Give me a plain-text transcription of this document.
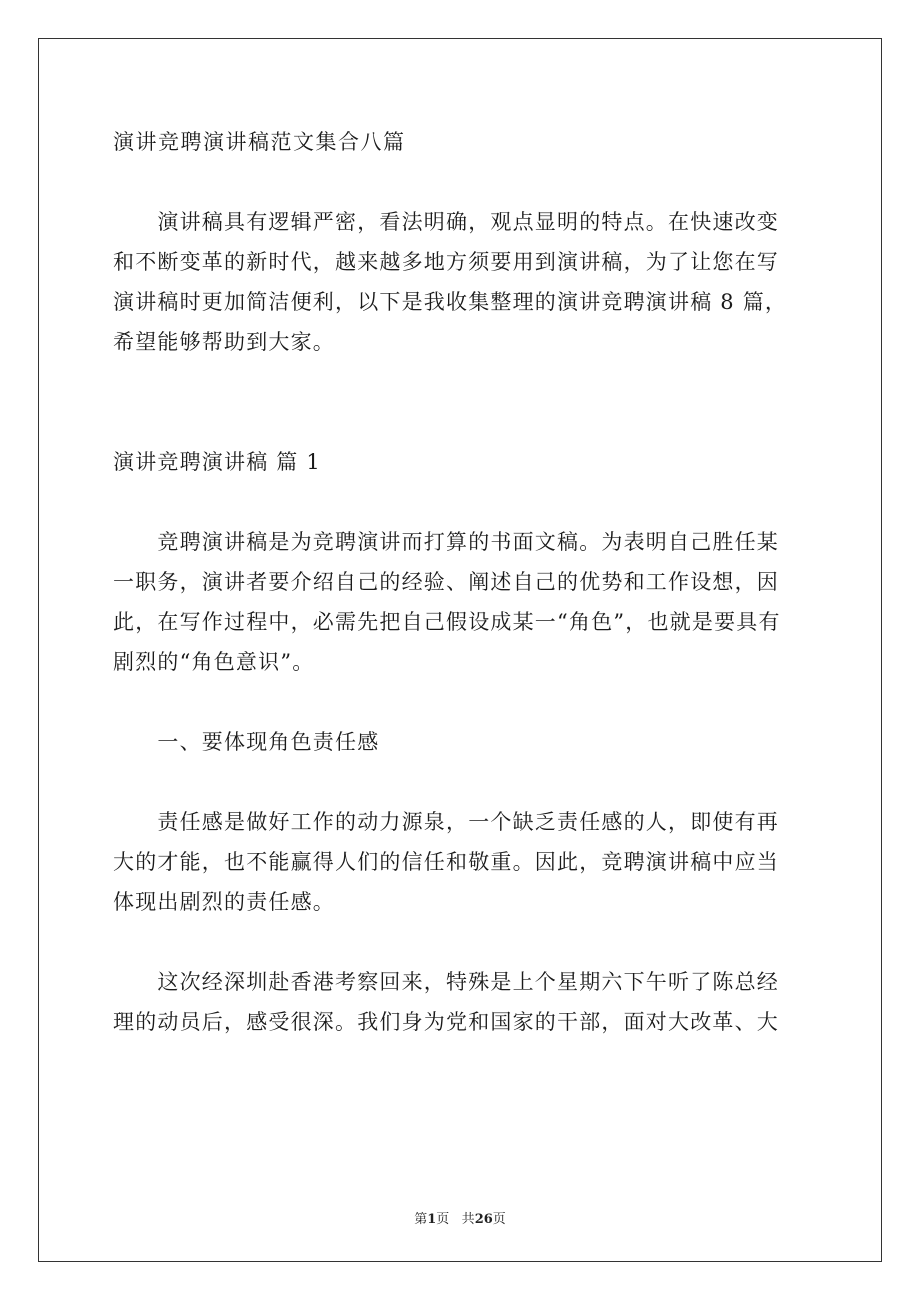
演讲竞聘演讲稿范文集合八篇
　　演讲稿具有逻辑严密，看法明确，观点显明的特点。在快速改变
和不断变革的新时代，越来越多地方须要用到演讲稿，为了让您在写
演讲稿时更加简洁便利，以下是我收集整理的演讲竞聘演讲稿 8 篇，
希望能够帮助到大家。
演讲竞聘演讲稿 篇 1
　　竞聘演讲稿是为竞聘演讲而打算的书面文稿。为表明自己胜任某
一职务，演讲者要介绍自己的经验、阐述自己的优势和工作设想，因
此，在写作过程中，必需先把自己假设成某一“角色”，也就是要具有
剧烈的“角色意识”。
　　一、要体现角色责任感
　　责任感是做好工作的动力源泉，一个缺乏责任感的人，即使有再
大的才能，也不能赢得人们的信任和敬重。因此，竞聘演讲稿中应当
体现出剧烈的责任感。
　　这次经深圳赴香港考察回来，特殊是上个星期六下午听了陈总经
理的动员后，感受很深。我们身为党和国家的干部，面对大改革、大
第1页 共26页
